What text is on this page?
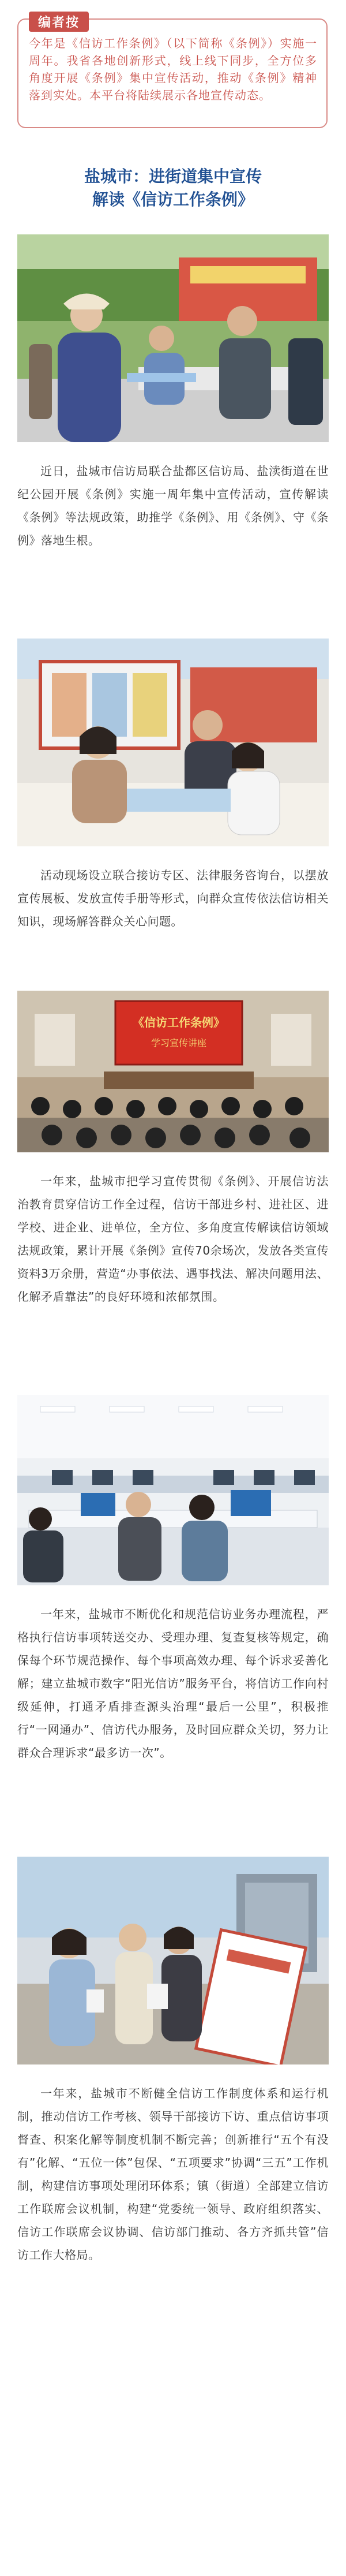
编者按
今年是《信访工作条例》（以下简称《条例》）实施一周年。我省各地创新形式，线上线下同步，全方位多角度开展《条例》集中宣传活动，推动《条例》精神落到实处。本平台将陆续展示各地宣传动态。
盐城市：进街道集中宣传
解读《信访工作条例》
近日，盐城市信访局联合盐都区信访局、盐渎街道在世纪公园开展《条例》实施一周年集中宣传活动，宣传解读《条例》等法规政策，助推学《条例》、用《条例》、守《条例》落地生根。
活动现场设立联合接访专区、法律服务咨询台，以摆放宣传展板、发放宣传手册等形式，向群众宣传依法信访相关知识，现场解答群众关心问题。
《信访工作条例》
学习宣传讲座
一年来，盐城市把学习宣传贯彻《条例》、开展信访法治教育贯穿信访工作全过程，信访干部进乡村、进社区、进学校、进企业、进单位，全方位、多角度宣传解读信访领域法规政策，累计开展《条例》宣传70余场次，发放各类宣传资料3万余册，营造“办事依法、遇事找法、解决问题用法、化解矛盾靠法”的良好环境和浓郁氛围。
一年来，盐城市不断优化和规范信访业务办理流程，严格执行信访事项转送交办、受理办理、复查复核等规定，确保每个环节规范操作、每个事项高效办理、每个诉求妥善化解；建立盐城市数字“阳光信访”服务平台，将信访工作向村级延伸，打通矛盾排查源头治理“最后一公里”，积极推行“一网通办”、信访代办服务，及时回应群众关切，努力让群众合理诉求“最多访一次”。
一年来，盐城市不断健全信访工作制度体系和运行机制，推动信访工作考核、领导干部接访下访、重点信访事项督查、积案化解等制度机制不断完善；创新推行“五个有没有”化解、“五位一体”包保、“五项要求”协调“三五”工作机制，构建信访事项处理闭环体系；镇（街道）全部建立信访工作联席会议机制，构建“党委统一领导、政府组织落实、信访工作联席会议协调、信访部门推动、各方齐抓共管”信访工作大格局。
